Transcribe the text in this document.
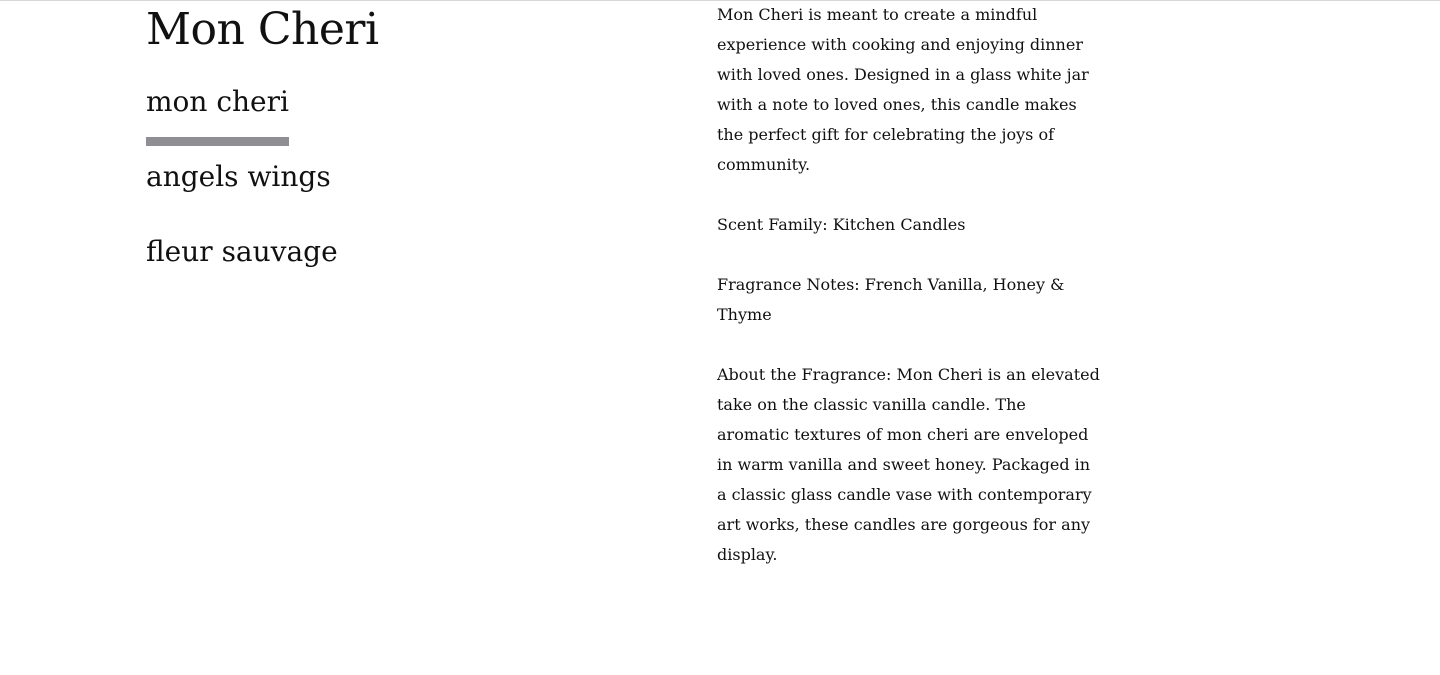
Mon Cheri
mon cheri
angels wings
fleur sauvage

Mon Cheri is meant to create a mindful experience with cooking and enjoying dinner with loved ones. Designed in a glass white jar with a note to loved ones, this candle makes the perfect gift for celebrating the joys of community.

Scent Family: Kitchen Candles

Fragrance Notes: French Vanilla, Honey & Thyme

About the Fragrance: Mon Cheri is an elevated take on the classic vanilla candle. The aromatic textures of mon cheri are enveloped in warm vanilla and sweet honey. Packaged in a classic glass candle vase with contemporary art works, these candles are gorgeous for any display.
